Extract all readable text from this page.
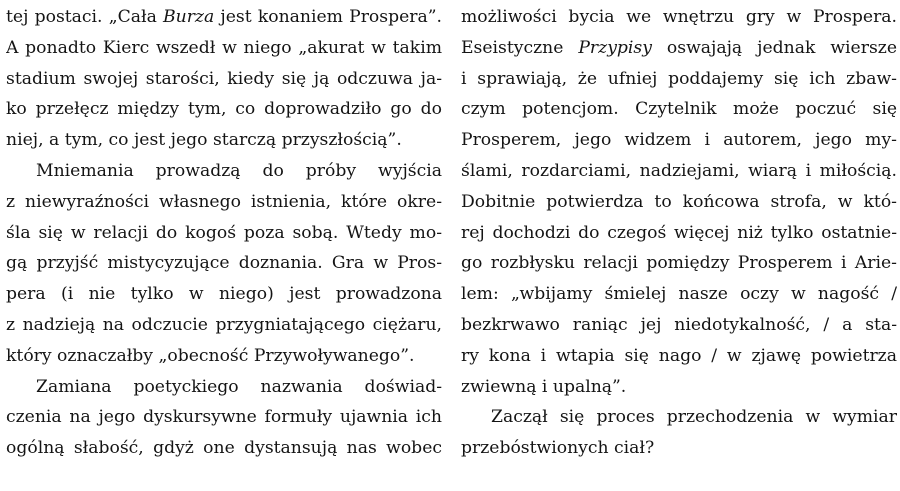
tej postaci. „Cała Burza jest konaniem Prospera”.
A ponadto Kierc wszedł w niego „akurat w takim
stadium swojej starości, kiedy się ją odczuwa ja-
ko przełęcz między tym, co doprowadziło go do
niej, a tym, co jest jego starczą przyszłością”.
Mniemania prowadzą do próby wyjścia
z niewyraźności własnego istnienia, które okre-
śla się w relacji do kogoś poza sobą. Wtedy mo-
gą przyjść mistycyzujące doznania. Gra w Pros-
pera (i nie tylko w niego) jest prowadzona
z nadzieją na odczucie przygniatającego ciężaru,
który oznaczałby „obecność Przywoływanego”.
Zamiana poetyckiego nazwania doświad-
czenia na jego dyskursywne formuły ujawnia ich
ogólną słabość, gdyż one dystansują nas wobec
możliwości bycia we wnętrzu gry w Prospera.
Eseistyczne Przypisy oswajają jednak wiersze
i sprawiają, że ufniej poddajemy się ich zbaw-
czym potencjom. Czytelnik może poczuć się
Prosperem, jego widzem i autorem, jego my-
ślami, rozdarciami, nadziejami, wiarą i miłością.
Dobitnie potwierdza to końcowa strofa, w któ-
rej dochodzi do czegoś więcej niż tylko ostatnie-
go rozbłysku relacji pomiędzy Prosperem i Arie-
lem: „wbijamy śmielej nasze oczy w nagość /
bezkrwawo raniąc jej niedotykalność, / a sta-
ry kona i wtapia się nago / w zjawę powietrza
zwiewną i upalną”.
Zaczął się proces przechodzenia w wymiar
przebóstwionych ciał?
